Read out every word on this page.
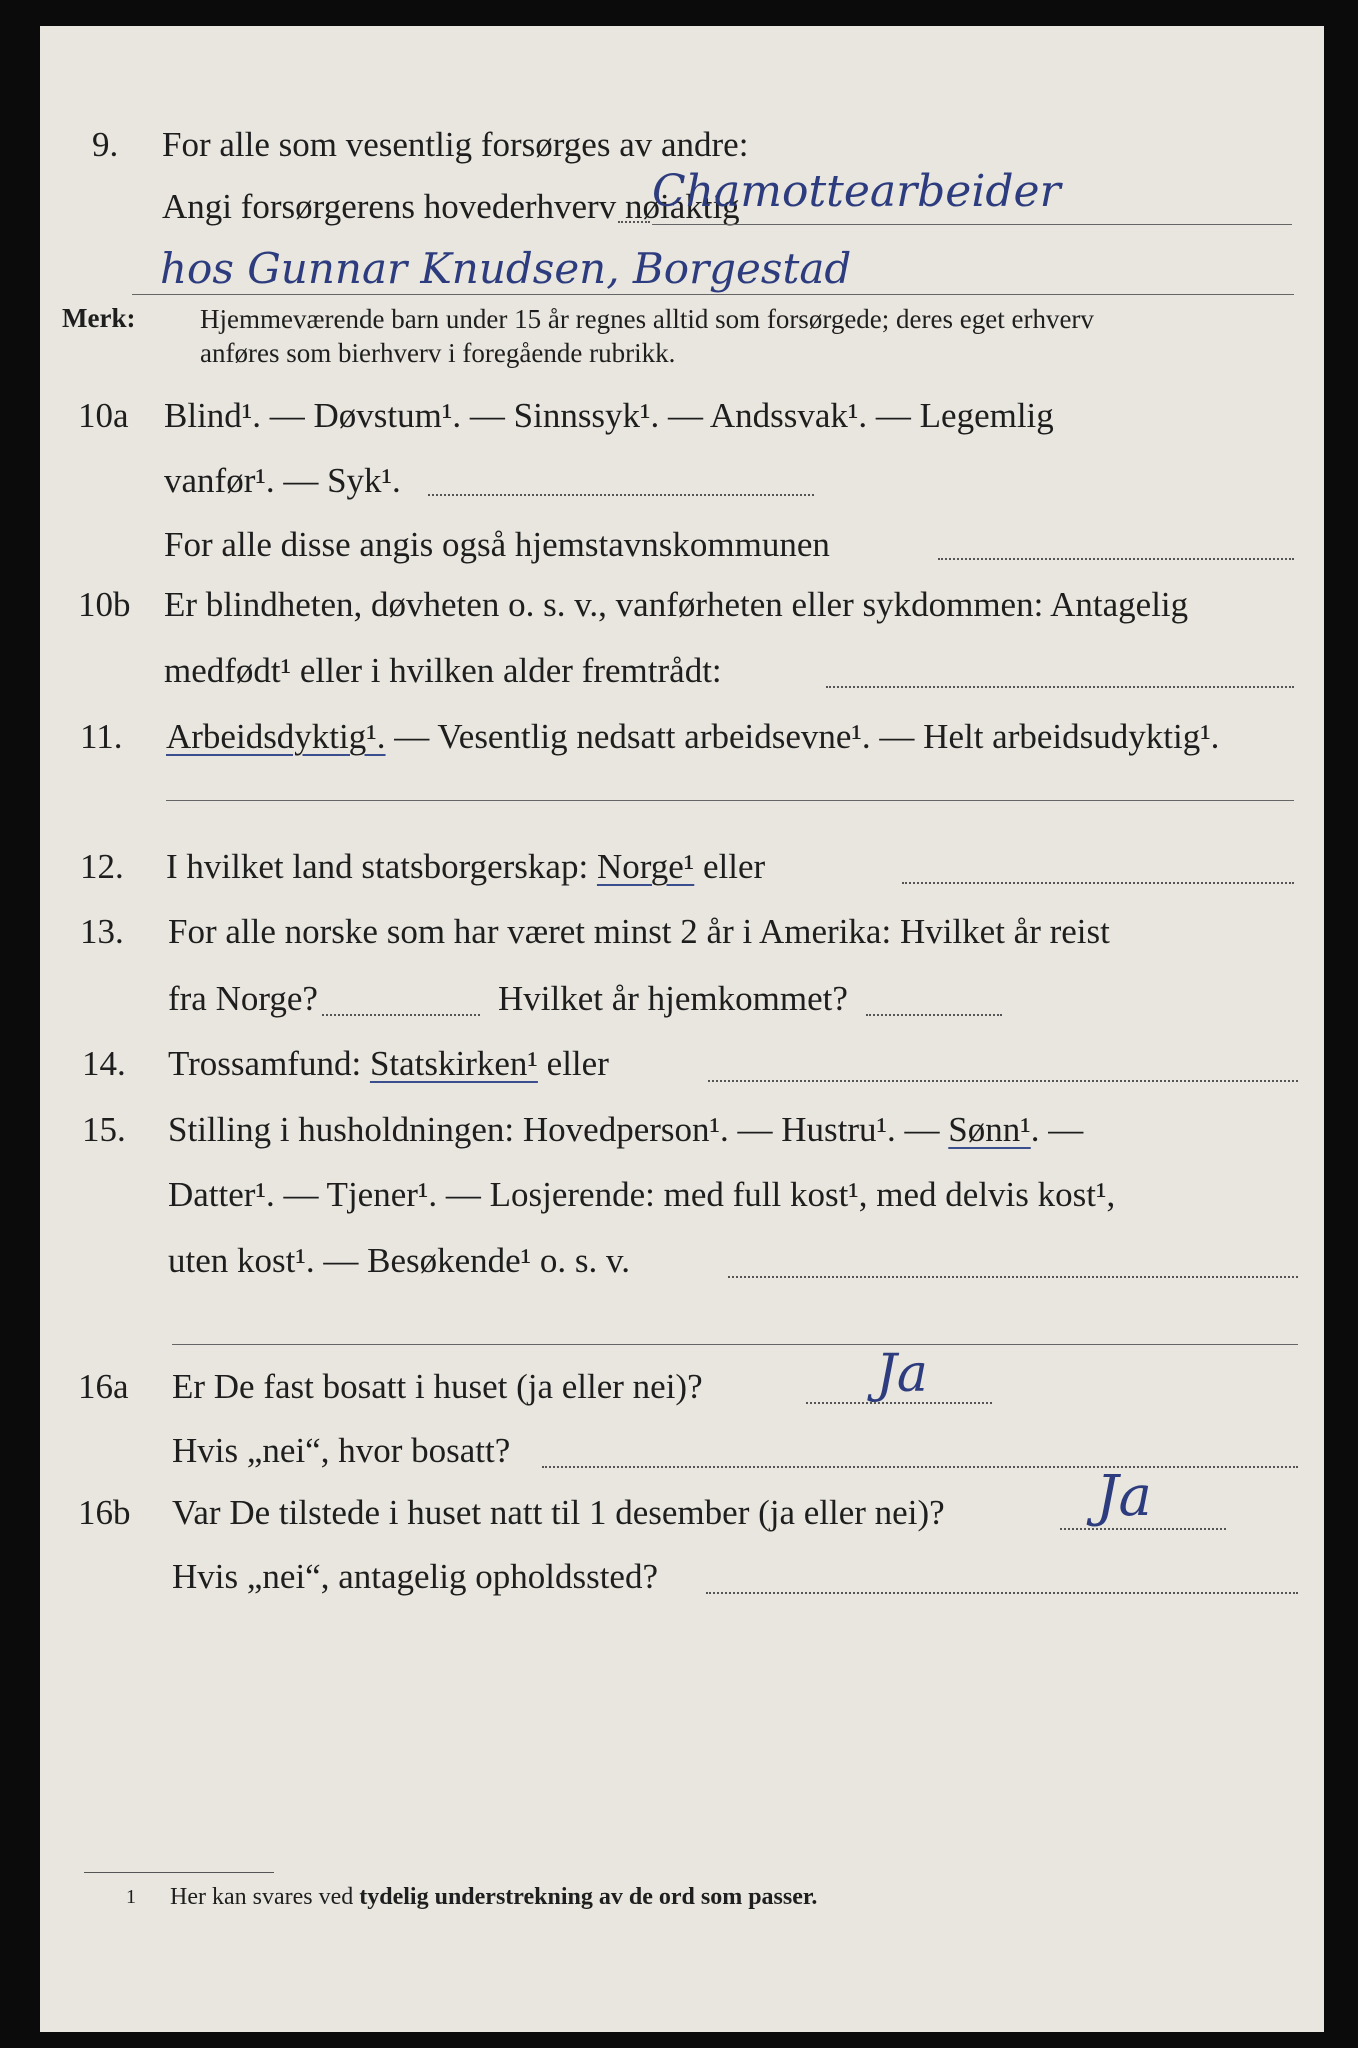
9. For alle som vesentlig forsørges av andre:
Angi forsørgerens hovederhverv nøiaktig
Chamottearbeider
hos Gunnar Knudsen, Borgestad
Merk: Hjemmeværende barn under 15 år regnes alltid som forsørgede; deres eget erhverv
anføres som bierhverv i foregående rubrikk.
10a Blind¹. — Døvstum¹. — Sinnssyk¹. — Andssvak¹. — Legemlig
vanfør¹. — Syk¹.
For alle disse angis også hjemstavnskommunen
10b Er blindheten, døvheten o. s. v., vanførheten eller sykdommen: Antagelig
medfødt¹ eller i hvilken alder fremtrådt:
11. Arbeidsdyktig¹. — Vesentlig nedsatt arbeidsevne¹. — Helt arbeidsudyktig¹.
12. I hvilket land statsborgerskap: Norge¹ eller
13. For alle norske som har været minst 2 år i Amerika: Hvilket år reist
fra Norge?	Hvilket år hjemkommet?
14. Trossamfund: Statskirken¹ eller
15. Stilling i husholdningen: Hovedperson¹. — Hustru¹. — Sønn¹. —
Datter¹. — Tjener¹. — Losjerende: med full kost¹, med delvis kost¹,
uten kost¹. — Besøkende¹ o. s. v.
16a Er De fast bosatt i huset (ja eller nei)?	Ja
Hvis „nei“, hvor bosatt?
16b Var De tilstede i huset natt til 1 desember (ja eller nei)?	Ja
Hvis „nei“, antagelig opholdssted?
1 Her kan svares ved tydelig understrekning av de ord som passer.
